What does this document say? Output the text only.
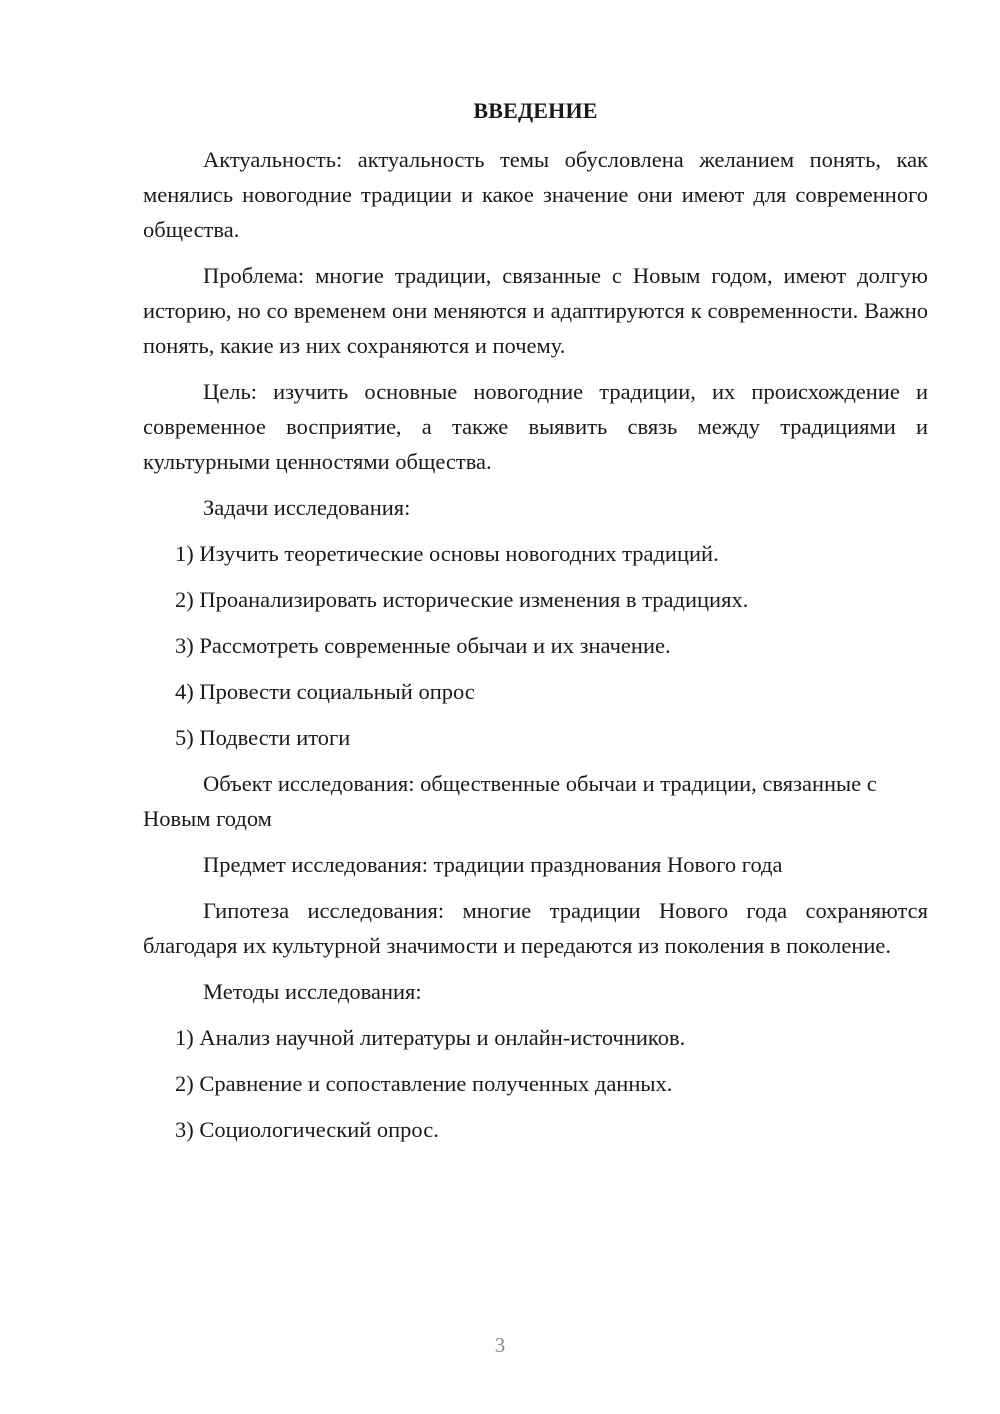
ВВЕДЕНИЕ

Актуальность: актуальность темы обусловлена желанием понять, как менялись новогодние традиции и какое значение они имеют для современного общества.

Проблема: многие традиции, связанные с Новым годом, имеют долгую историю, но со временем они меняются и адаптируются к современности. Важно понять, какие из них сохраняются и почему.

Цель: изучить основные новогодние традиции, их происхождение и современное восприятие, а также выявить связь между традициями и культурными ценностями общества.

Задачи исследования:

1) Изучить теоретические основы новогодних традиций.

2) Проанализировать исторические изменения в традициях.

3) Рассмотреть современные обычаи и их значение.

4) Провести социальный опрос

5) Подвести итоги

Объект исследования: общественные обычаи и традиции, связанные с Новым годом

Предмет исследования: традиции празднования Нового года

Гипотеза исследования: многие традиции Нового года сохраняются благодаря их культурной значимости и передаются из поколения в поколение.

Методы исследования:

1) Анализ научной литературы и онлайн-источников.

2) Сравнение и сопоставление полученных данных.

3) Социологический опрос.

3
